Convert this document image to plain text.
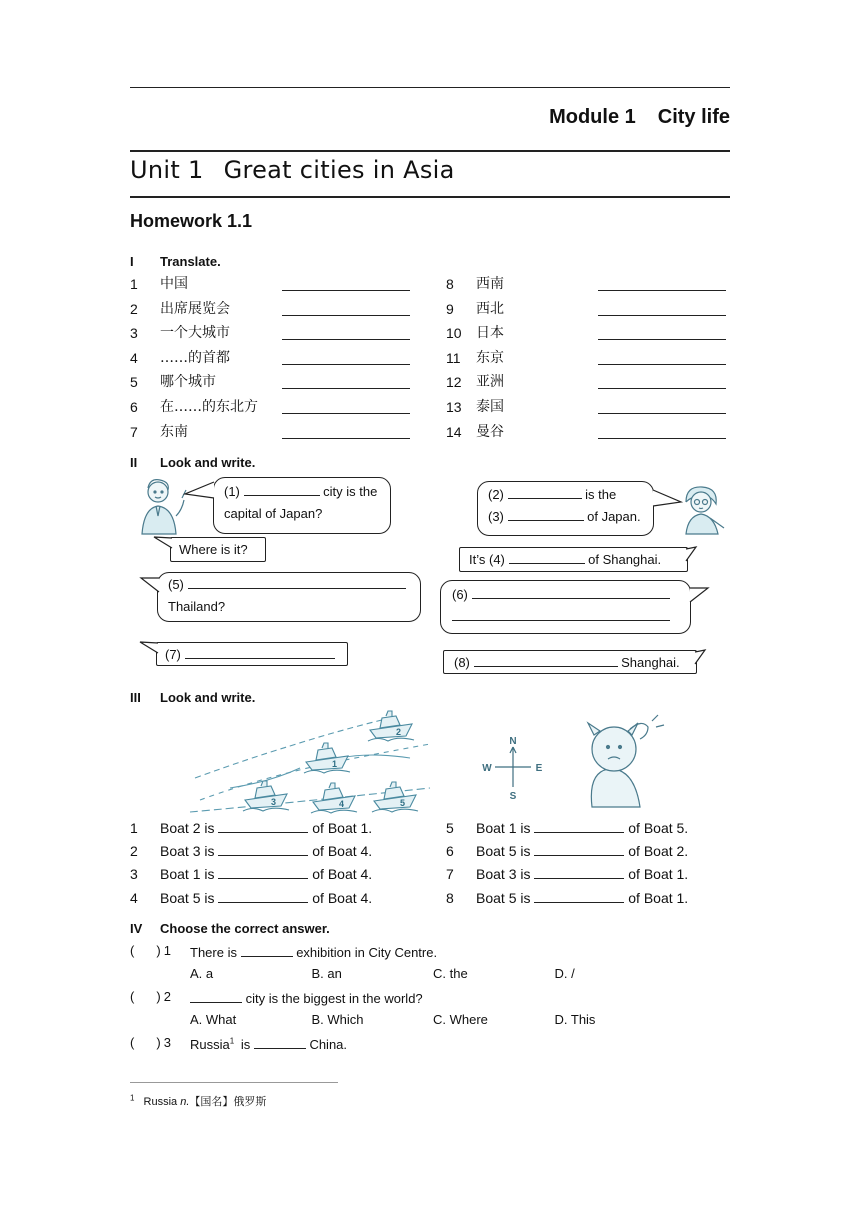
Module 1 City life
Unit 1 Great cities in Asia
Homework 1.1
I Translate.
1 中国
2 出席展览会
3 一个大城市
4 ……的首都
5 哪个城市
6 在……的东北方
7 东南
8 西南
9 西北
10 日本
11 东京
12 亚洲
13 泰国
14 曼谷
II Look and write.
(1)	city is the
capital of Japan?
(2)	is the
(3)	of Japan.
Where is it?
It’s (4)	of Shanghai.
(5)
Thailand?
(6)
(7)
(8)	Shanghai.
III Look and write.
1
2
3	4	5
N
S
W	E
1 Boat 2 is	of Boat 1.
2 Boat 3 is	of Boat 4.
3 Boat 1 is	of Boat 4.
4 Boat 5 is	of Boat 4.
5 Boat 1 is	of Boat 5.
6 Boat 5 is	of Boat 2.
7 Boat 3 is	of Boat 1.
8 Boat 5 is	of Boat 1.
IV Choose the correct answer.
( ) 1 There is	exhibition in City Centre.
A. a	B. an	C. the	D. /
( ) 2	city is the biggest in the world?
A. What	B. Which	C. Where	D. This
( ) 3 Russia$^1$ is	China.
$^1$ Russia n.【国名】俄罗斯
